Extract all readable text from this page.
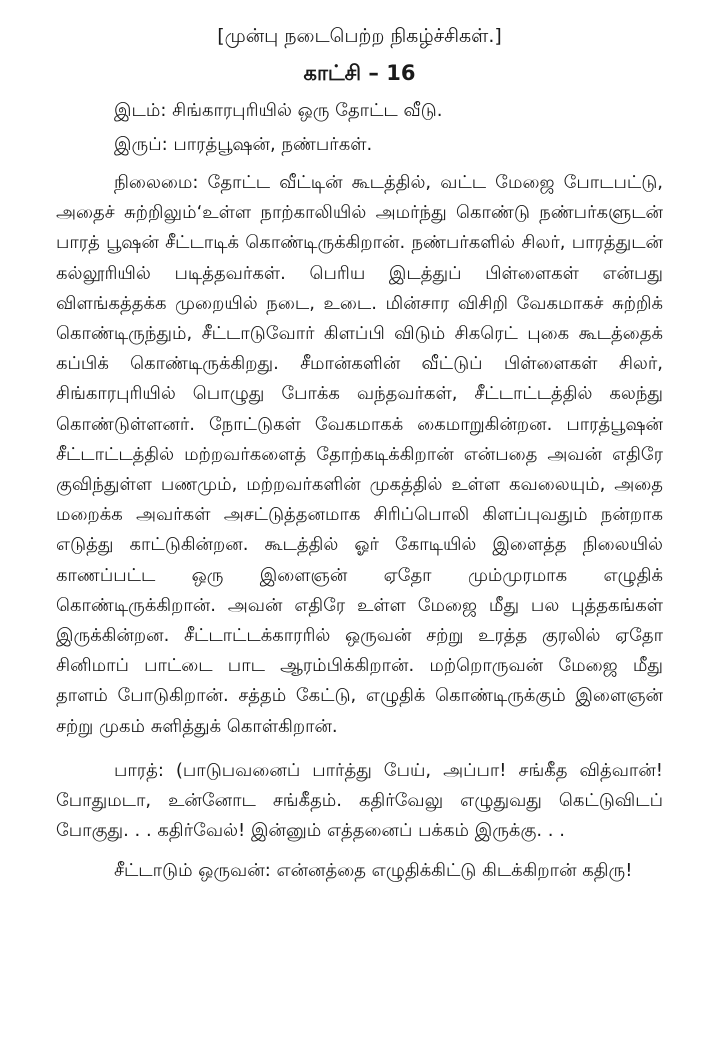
[முன்பு நடைபெற்ற நிகழ்ச்சிகள்.]

காட்சி – 16

இடம்: சிங்காரபுரியில் ஒரு தோட்ட வீடு.

இருப்: பாரத்பூஷன், நண்பர்கள்.

நிலைமை: தோட்ட வீட்டின் கூடத்தில், வட்ட மேஜை போடபட்டு, அதைச் சுற்றிலும்‘உள்ள நாற்காலியில் அமர்ந்து கொண்டு நண்பர்களுடன் பாரத் பூஷன் சீட்டாடிக் கொண்டிருக்கிறான். நண்பர்களில் சிலர், பாரத்துடன் கல்லூரியில் படித்தவர்கள். பெரிய இடத்துப் பிள்ளைகள் என்பது விளங்கத்தக்க முறையில் நடை, உடை. மின்சார விசிறி வேகமாகச் சுற்றிக் கொண்டிருந்தும், சீட்டாடுவோர் கிளப்பி விடும் சிகரெட் புகை கூடத்தைக் கப்பிக் கொண்டிருக்கிறது. சீமான்களின் வீட்டுப் பிள்ளைகள் சிலர், சிங்காரபுரியில் பொழுது போக்க வந்தவர்கள், சீட்டாட்டத்தில் கலந்து கொண்டுள்ளனர். நோட்டுகள் வேகமாகக் கைமாறுகின்றன. பாரத்பூஷன் சீட்டாட்டத்தில் மற்றவர்களைத் தோற்கடிக்கிறான் என்பதை அவன் எதிரே குவிந்துள்ள பணமும், மற்றவர்களின் முகத்தில் உள்ள கவலையும், அதை மறைக்க அவர்கள் அசட்டுத்தனமாக சிரிப்பொலி கிளப்புவதும் நன்றாக எடுத்து காட்டுகின்றன. கூடத்தில் ஓர் கோடியில் இளைத்த நிலையில் காணப்பட்ட ஒரு இளைஞன் ஏதோ மும்முரமாக எழுதிக் கொண்டிருக்கிறான். அவன் எதிரே உள்ள மேஜை மீது பல புத்தகங்கள் இருக்கின்றன. சீட்டாட்டக்காரரில் ஒருவன் சற்று உரத்த குரலில் ஏதோ சினிமாப் பாட்டை பாட ஆரம்பிக்கிறான். மற்றொருவன் மேஜை மீது தாளம் போடுகிறான். சத்தம் கேட்டு, எழுதிக் கொண்டிருக்கும் இளைஞன் சற்று முகம் சுளித்துக் கொள்கிறான்.

பாரத்: (பாடுபவனைப் பார்த்து பேய், அப்பா! சங்கீத வித்வான்! போதுமடா, உன்னோட சங்கீதம். கதிர்வேலு எழுதுவது கெட்டுவிடப் போகுது. . . கதிர்வேல்! இன்னும் எத்தனைப் பக்கம் இருக்கு. . .

சீட்டாடும் ஒருவன்: என்னத்தை எழுதிக்கிட்டு கிடக்கிறான் கதிரு!
